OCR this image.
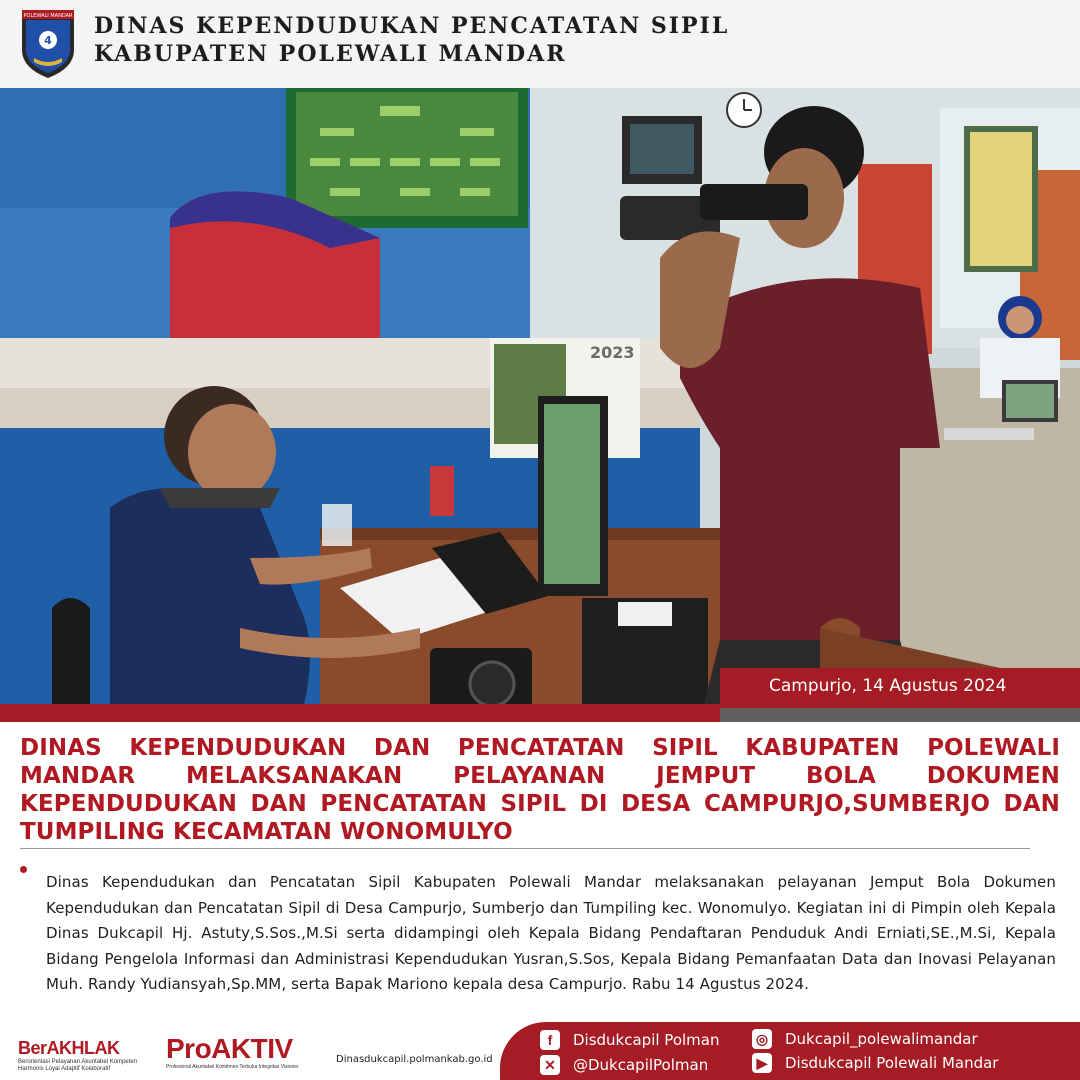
POLEWALI MANDAR
4
DINAS KEPENDUDUKAN PENCATATAN SIPIL
KABUPATEN POLEWALI MANDAR
2023
Campurjo, 14 Agustus 2024

DINAS KEPENDUDUKAN DAN PENCATATAN SIPIL KABUPATEN POLEWALI MANDAR MELAKSANAKAN PELAYANAN JEMPUT BOLA DOKUMEN KEPENDUDUKAN DAN PENCATATAN SIPIL DI DESA CAMPURJO,SUMBERJO DAN TUMPILING KECAMATAN WONOMULYO

Dinas Kependudukan dan Pencatatan Sipil Kabupaten Polewali Mandar melaksanakan pelayanan Jemput Bola Dokumen Kependudukan dan Pencatatan Sipil di Desa Campurjo, Sumberjo dan Tumpiling kec. Wonomulyo. Kegiatan ini di Pimpin oleh Kepala Dinas Dukcapil Hj. Astuty,S.Sos.,M.Si serta didampingi oleh Kepala Bidang Pendaftaran Penduduk Andi Erniati,SE.,M.Si, Kepala Bidang Pengelola Informasi dan Administrasi Kependudukan Yusran,S.Sos, Kepala Bidang Pemanfaatan Data dan Inovasi Pelayanan Muh. Randy Yudiansyah,Sp.MM, serta Bapak Mariono kepala desa Campurjo. Rabu 14 Agustus 2024.

BerAKHLAK
Berorientasi Pelayanan Akuntabel Kompeten Harmonis Loyal Adaptif Kolaboratif
ProAKTIV
Profesional Akuntabel Komitmen Terbuka Integritas Visioner
Dinasdukcapil.polmankab.go.id
f	Disdukcapil Polman
✕ @DukcapilPolman
◎ Dukcapil_polewalimandar
▶	Disdukcapil Polewali Mandar
